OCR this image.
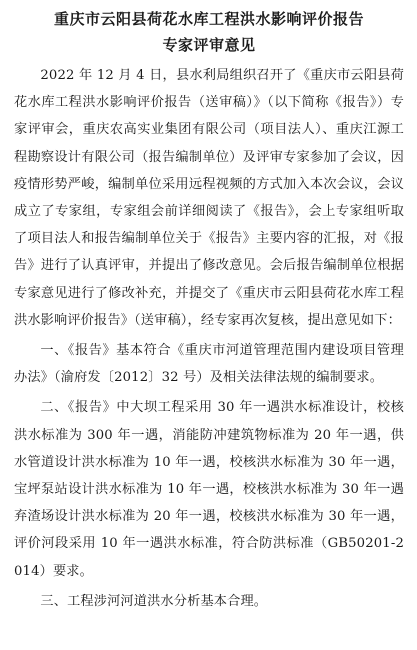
重庆市云阳县荷花水库工程洪水影响评价报告

专家评审意见

2022 年 12 月 4 日，县水利局组织召开了《重庆市云阳县荷花水库工程洪水影响评价报告（送审稿）》（以下简称《报告》）专家评审会，重庆农高实业集团有限公司（项目法人）、重庆江源工程勘察设计有限公司（报告编制单位）及评审专家参加了会议，因疫情形势严峻，编制单位采用远程视频的方式加入本次会议，会议成立了专家组，专家组会前详细阅读了《报告》，会上专家组听取了项目法人和报告编制单位关于《报告》主要内容的汇报，对《报告》进行了认真评审，并提出了修改意见。会后报告编制单位根据专家意见进行了修改补充，并提交了《重庆市云阳县荷花水库工程洪水影响评价报告》（送审稿），经专家再次复核，提出意见如下：

一、《报告》基本符合《重庆市河道管理范围内建设项目管理办法》（渝府发〔2012〕32 号）及相关法律法规的编制要求。

二、《报告》中大坝工程采用 30 年一遇洪水标准设计，校核洪水标准为 300 年一遇，消能防冲建筑物标准为 20 年一遇，供水管道设计洪水标准为 10 年一遇，校核洪水标准为 30 年一遇，宝坪泵站设计洪水标准为 10 年一遇，校核洪水标准为 30 年一遇弃渣场设计洪水标准为 20 年一遇，校核洪水标准为 30 年一遇，评价河段采用 10 年一遇洪水标准，符合防洪标准（GB50201-2014）要求。

三、工程涉河河道洪水分析基本合理。
